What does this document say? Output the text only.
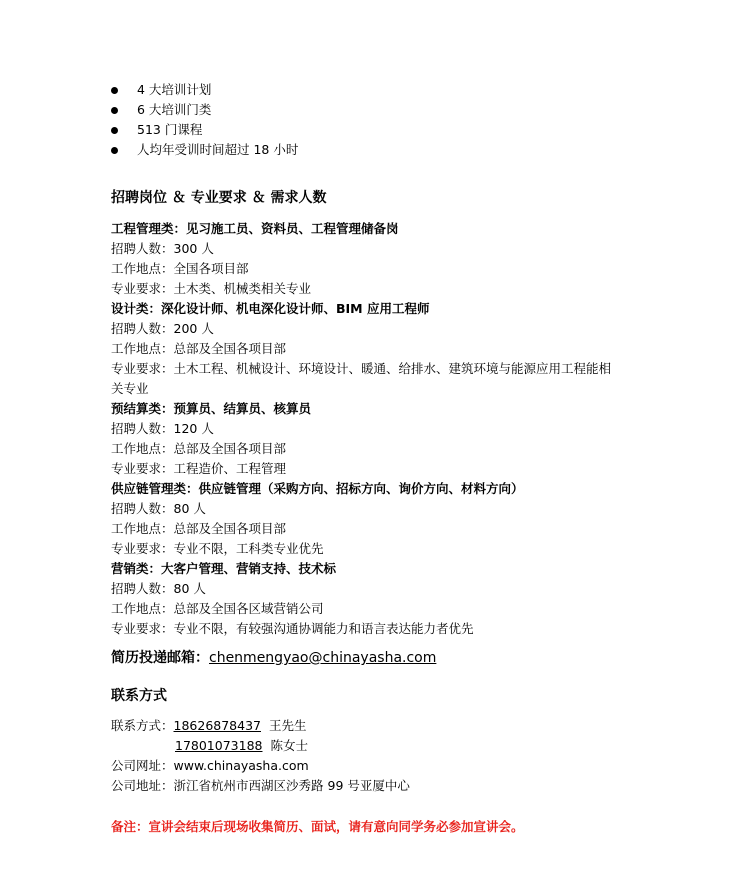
4 大培训计划
6 大培训门类
513 门课程
人均年受训时间超过 18 小时
招聘岗位 ＆ 专业要求 ＆ 需求人数
工程管理类：见习施工员、资料员、工程管理储备岗
招聘人数：300 人
工作地点：全国各项目部
专业要求：土木类、机械类相关专业
设计类：深化设计师、机电深化设计师、BIM 应用工程师
招聘人数：200 人
工作地点：总部及全国各项目部
专业要求：土木工程、机械设计、环境设计、暖通、给排水、建筑环境与能源应用工程能相
关专业
预结算类：预算员、结算员、核算员
招聘人数：120 人
工作地点：总部及全国各项目部
专业要求：工程造价、工程管理
供应链管理类：供应链管理（采购方向、招标方向、询价方向、材料方向）
招聘人数：80 人
工作地点：总部及全国各项目部
专业要求：专业不限，工科类专业优先
营销类：大客户管理、营销支持、技术标
招聘人数：80 人
工作地点：总部及全国各区域营销公司
专业要求：专业不限，有较强沟通协调能力和语言表达能力者优先
简历投递邮箱：chenmengyao@chinayasha.com
联系方式
联系方式：18626878437 王先生
17801073188 陈女士
公司网址：www.chinayasha.com
公司地址：浙江省杭州市西湖区沙秀路 99 号亚厦中心
备注：宣讲会结束后现场收集简历、面试，请有意向同学务必参加宣讲会。
